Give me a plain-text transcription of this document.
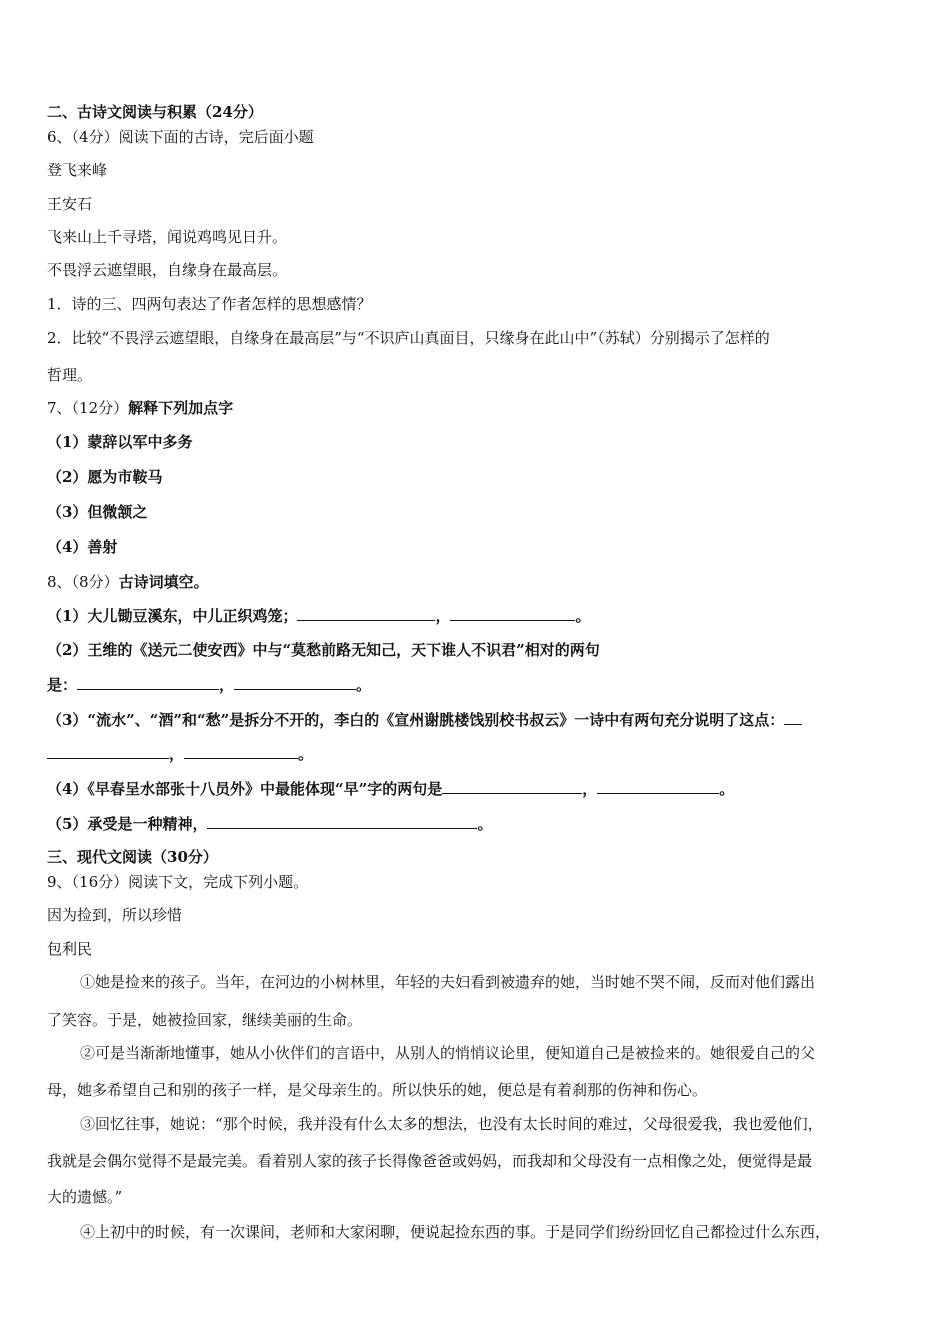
二、古诗文阅读与积累（24分）
6、（4分）阅读下面的古诗，完后面小题
登飞来峰
王安石
飞来山上千寻塔，闻说鸡鸣见日升。
不畏浮云遮望眼，自缘身在最高层。
1．诗的三、四两句表达了作者怎样的思想感情？
2．比较“不畏浮云遮望眼，自缘身在最高层”与“不识庐山真面目，只缘身在此山中”（苏轼）分别揭示了怎样的
哲理。
7、（12分）解释下列加点字
（1）蒙辞以军中多务
（2）愿为市鞍马
（3）但微颔之
（4）善射
8、（8分）古诗词填空。
（1）大儿锄豆溪东，中儿正织鸡笼；	，	。
（2）王维的《送元二使安西》中与“莫愁前路无知己，天下谁人不识君”相对的两句
是：	，	。
（3）“流水”、“酒”和“愁”是拆分不开的，李白的《宣州谢朓楼饯别校书叔云》一诗中有两句充分说明了这点：
，	。
（4）《早春呈水部张十八员外》中最能体现“早”字的两句是	，	。
（5）承受是一种精神，	。
三、现代文阅读（30分）
9、（16分）阅读下文，完成下列小题。
因为捡到，所以珍惜
包利民
①她是捡来的孩子。当年，在河边的小树林里，年轻的夫妇看到被遗弃的她，当时她不哭不闹，反而对他们露出
了笑容。于是，她被捡回家，继续美丽的生命。
②可是当渐渐地懂事，她从小伙伴们的言语中，从别人的悄悄议论里，便知道自己是被捡来的。她很爱自己的父
母，她多希望自己和别的孩子一样，是父母亲生的。所以快乐的她，便总是有着刹那的伤神和伤心。
③回忆往事，她说：“那个时候，我并没有什么太多的想法，也没有太长时间的难过，父母很爱我，我也爱他们，
我就是会偶尔觉得不是最完美。看着别人家的孩子长得像爸爸或妈妈，而我却和父母没有一点相像之处，便觉得是最
大的遗憾。”
④上初中的时候，有一次课间，老师和大家闲聊，便说起捡东西的事。于是同学们纷纷回忆自己都捡过什么东西，
